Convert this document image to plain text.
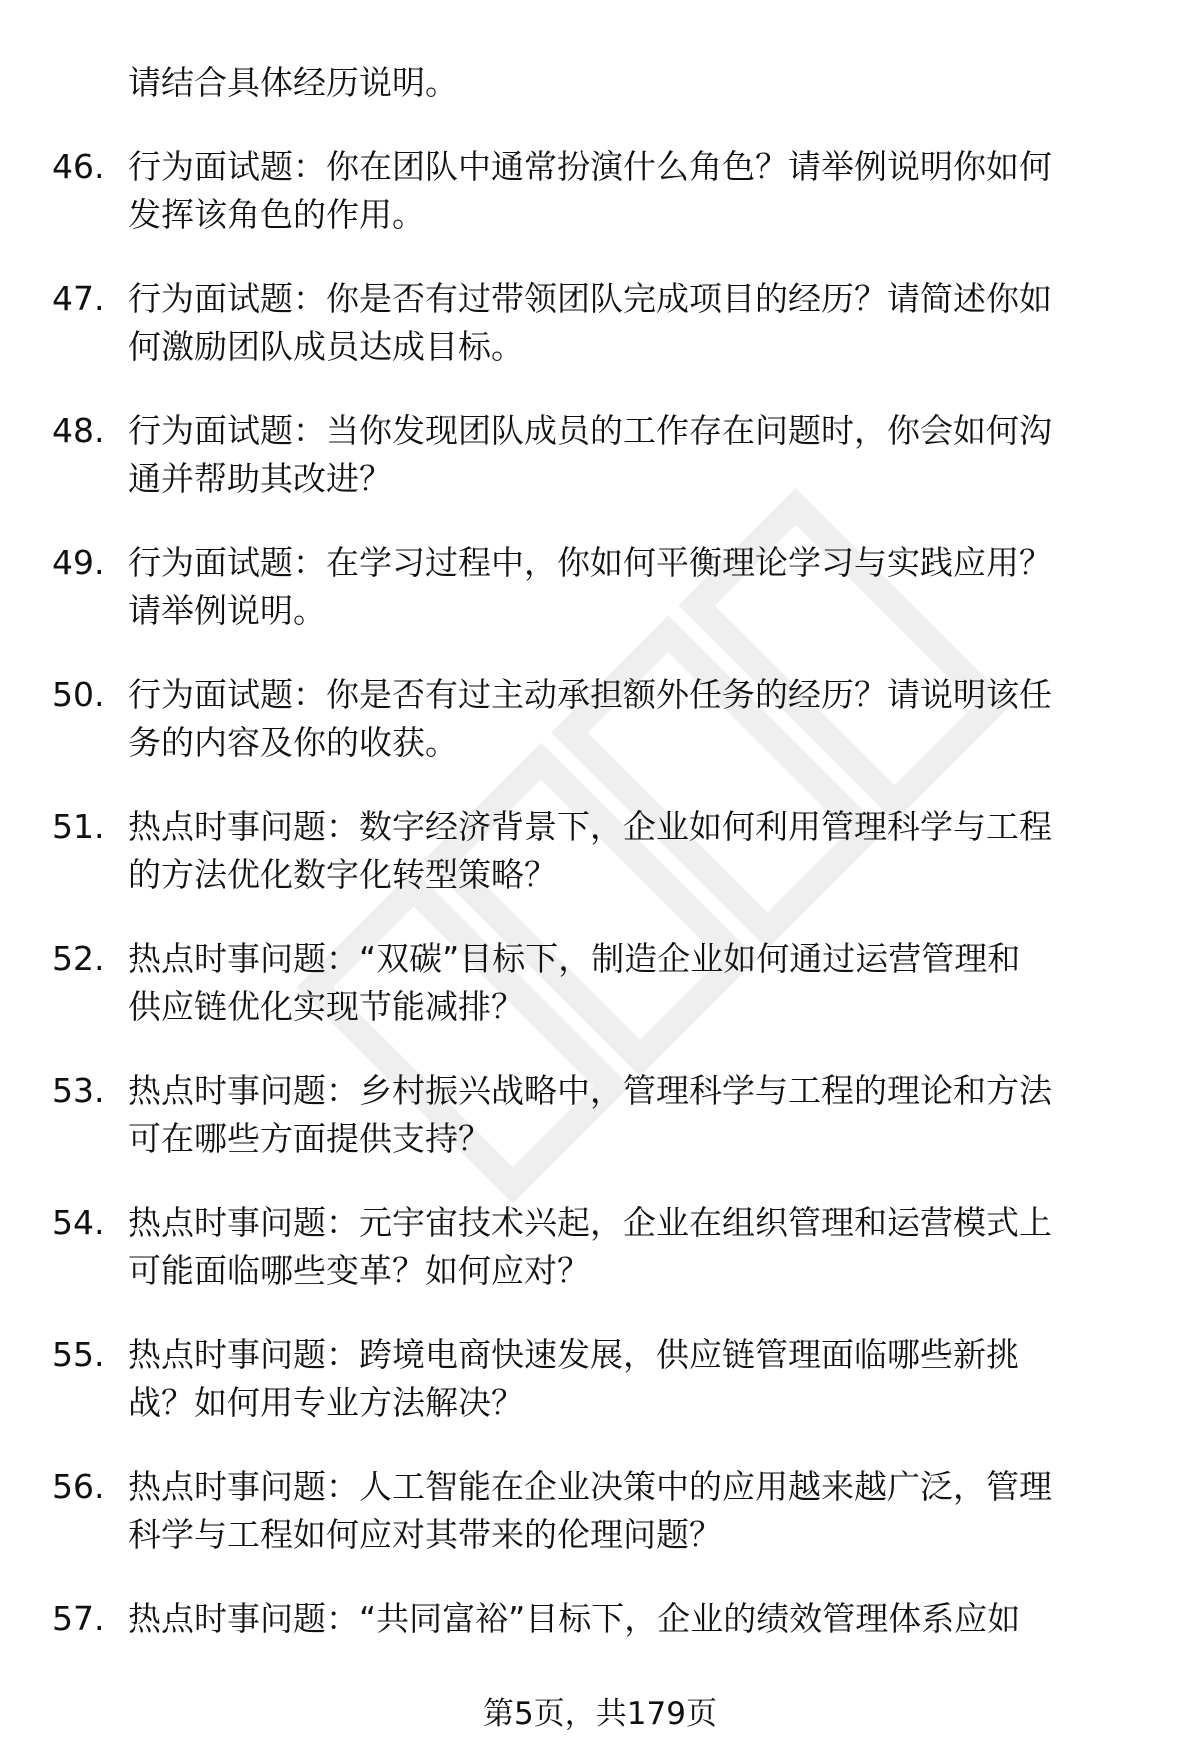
请结合具体经历说明。
46. 行为面试题：你在团队中通常扮演什么角色？请举例说明你如何
发挥该角色的作用。
47. 行为面试题：你是否有过带领团队完成项目的经历？请简述你如
何激励团队成员达成目标。
48. 行为面试题：当你发现团队成员的工作存在问题时，你会如何沟
通并帮助其改进？
49. 行为面试题：在学习过程中，你如何平衡理论学习与实践应用？
请举例说明。
50. 行为面试题：你是否有过主动承担额外任务的经历？请说明该任
务的内容及你的收获。
51. 热点时事问题：数字经济背景下，企业如何利用管理科学与工程
的方法优化数字化转型策略？
52. 热点时事问题：“双碳”目标下，制造企业如何通过运营管理和
供应链优化实现节能减排？
53. 热点时事问题：乡村振兴战略中，管理科学与工程的理论和方法
可在哪些方面提供支持？
54. 热点时事问题：元宇宙技术兴起，企业在组织管理和运营模式上
可能面临哪些变革？如何应对？
55. 热点时事问题：跨境电商快速发展，供应链管理面临哪些新挑
战？如何用专业方法解决？
56. 热点时事问题：人工智能在企业决策中的应用越来越广泛，管理
科学与工程如何应对其带来的伦理问题？
57. 热点时事问题：“共同富裕”目标下，企业的绩效管理体系应如
第5页，共179页
